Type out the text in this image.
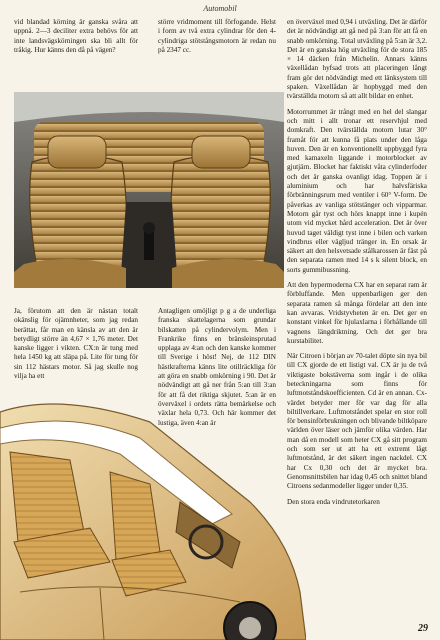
Automobil

vid blandad körning är ganska svåra att uppnå. 2—3 deciliter extra behövs för att inte landsvägskörningen ska bli allt för tråkig. Hur känns den då på vägen?

större vridmoment till förfogande. Helst i form av två extra cylindrar för den 4-cylindriga stötstångsmotorn är redan nu på 2347 cc.

Ja, förutom att den är nästan totalt okänslig för ojämnheter, som jag redan berättat, får man en känsla av att den är betydligt större än 4,67 × 1,76 meter. Det kanske ligger i vikten. CX:n är tung med hela 1450 kg att släpa på. Lite för tung för sin 112 hästars motor. Så jag skulle nog vilja ha ett

Antagligen omöjligt p g a de underliga franska skattelagerna som grundar bilskatten på cylindervolym. Men i Frankrike finns en bränsleinsprutad upplaga av 4:an och den kanske kommer till Sverige i höst! Nej, de 112 DIN hästkrafterna känns lite otillräckliga för att göra en snabb omkörning i 90. Det är nödvändigt att gå ner från 5:an till 3:an för att få det riktiga skjutet. 5:an är en överväxel i ordets rätta bemärkelse och växlar hela 0,73. Och här kommer det lustiga, även 4:an är

en överväxel med 0,94 i utväxling. Det är därför det är nödvändigt att gå ned på 3:an för att få en snabb omkörning. Total utväxling på 5:an är 3,2. Det är en ganska hög utväxling för de stora 185 × 14 däcken från Michelin. Annars känns växellådan hyfsad trots att placeringen långt fram gör det nödvändigt med ett länksystem till spaken. Växellådan är hopbyggd med den tvärställda motorn så att allt bildar en enhet.

Motorrummet är trångt med en hel del slangar och mitt i allt tronar ett reservhjul med domkraft. Den tvärställda motorn lutar 30° framåt för att kunna få plats under den låga huven. Den är en konventionellt uppbyggd fyra med kamaxeln liggande i motorblocket av gjutjärn. Blocket har faktiskt våta cylinderfoder och det är ganska ovanligt idag. Toppen är i aluminium och har halvsfäriska förbränningsrum med ventiler i 60° V-form. De påverkas av vanliga stötstänger och vipparmar. Motorn går tyst och hörs knappt inne i kupén utom vid mycket hård acceleration. Det är över huvud taget väldigt tyst inne i bilen och varken vindbrus eller vägljud tränger in. En orsak är säkert att den helsvetsade stålkarossen är fäst på den separata ramen med 14 s k silent block, en sorts gummibussning.

Att den hypermoderna CX har en separat ram är förbluffande. Men uppenbarligen ger den separata ramen så många fördelar att den inte kan avvaras. Vridstyvheten är en. Det ger en konstant vinkel för hjulaxlarna i förhållande till vagnens längdriktning. Och det ger bra kurstabilitet.

När Citroen i början av 70-talet döpte sin nya bil till CX gjorde de ett listigt val. CX är ju de två viktigaste bokstäverna som ingår i de olika beteckningarna som finns för luftmotståndskoefficienten. Cd är en annan. Cx-värdet betyder mer för var dag för alla biltillverkare. Luftmotståndet spelar en stor roll för bensinförbrukningen och blivande biltköpare världen över läser och jämför olika värden. Har man då en modell som heter CX gå sitt program och som ser ut att ha ett extremt lågt luftmotstånd, är det säkert ingen nackdel. CX har Cx 0,30 och det är mycket bra. Genomsnittsbilen har idag 0,45 och snittet bland Citroens sedanmodeller ligger under 0,35.

Den stora enda vindrutetorkaren

29
